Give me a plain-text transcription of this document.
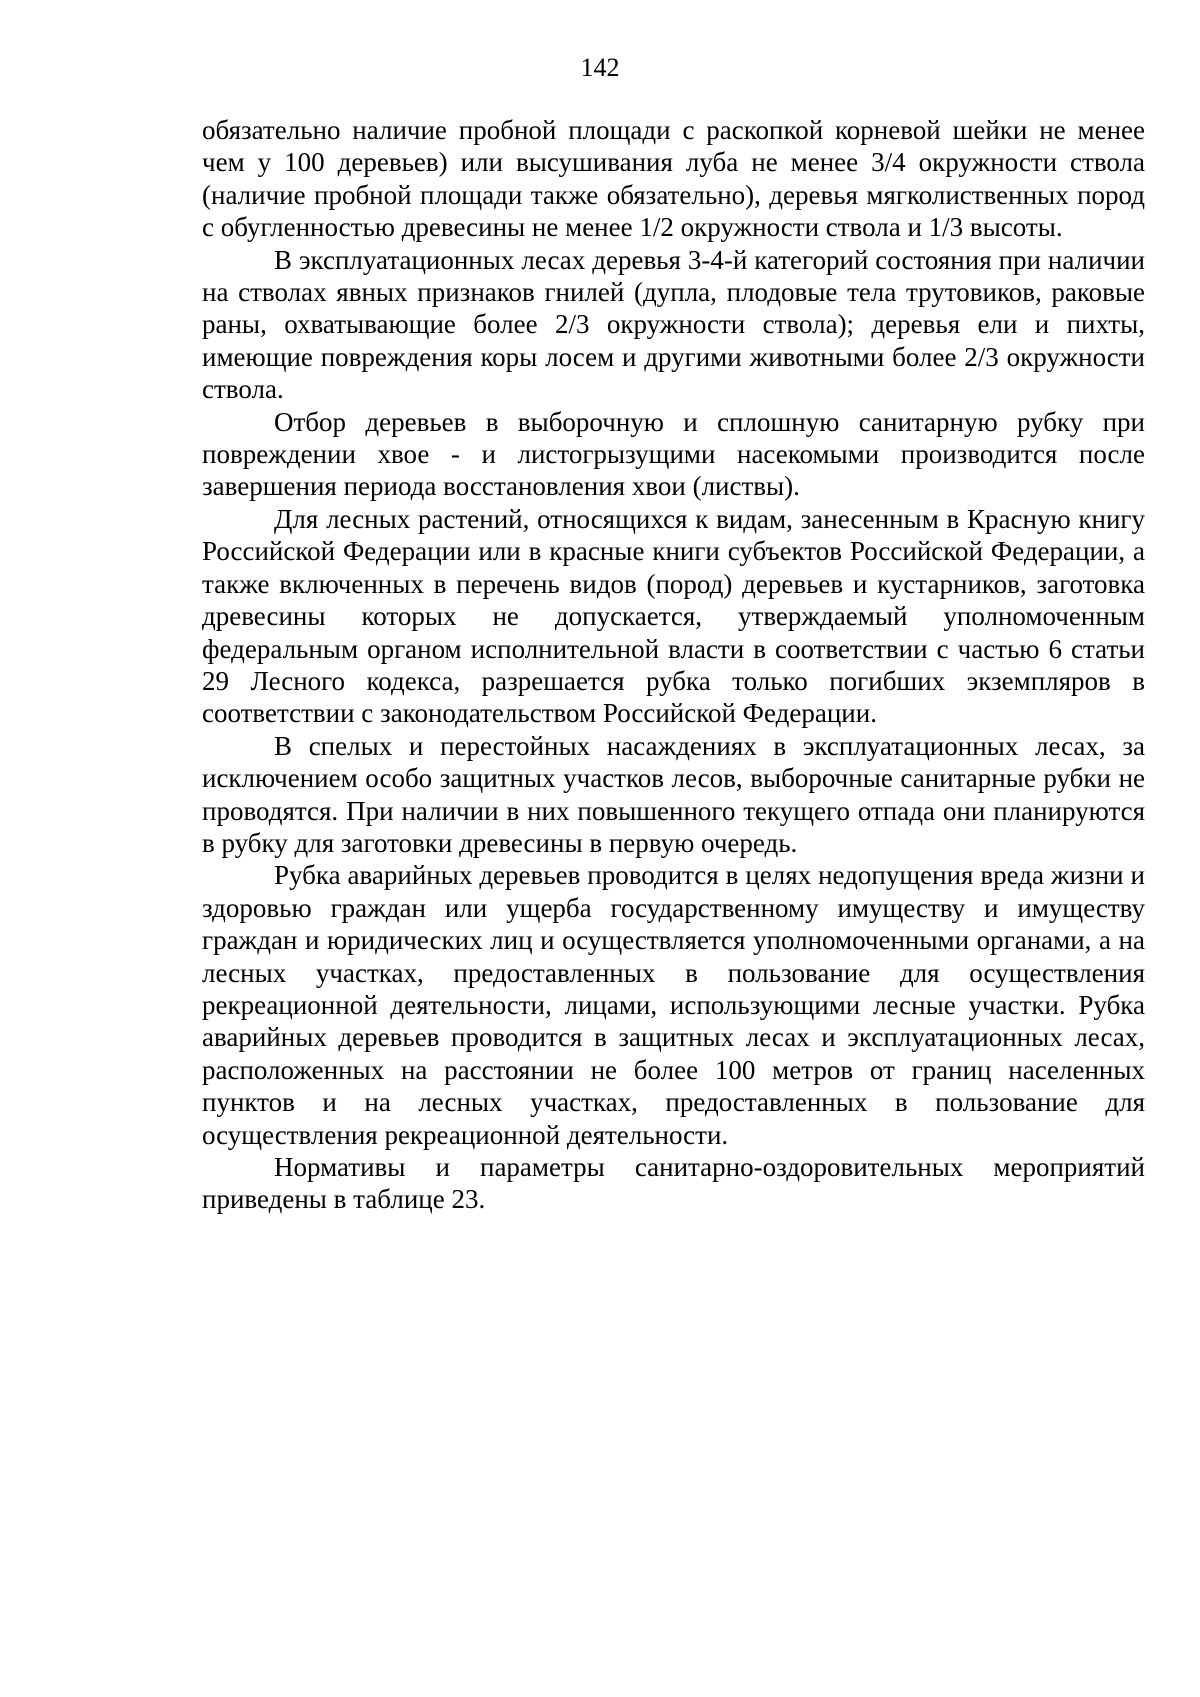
142

обязательно наличие пробной площади с раскопкой корневой шейки не менее чем у 100 деревьев) или высушивания луба не менее 3/4 окружности ствола (наличие пробной площади также обязательно), деревья мягколиственных пород с обугленностью древесины не менее 1/2 окружности ствола и 1/3 высоты.

В эксплуатационных лесах деревья 3-4-й категорий состояния при наличии на стволах явных признаков гнилей (дупла, плодовые тела трутовиков, раковые раны, охватывающие более 2/3 окружности ствола); деревья ели и пихты, имеющие повреждения коры лосем и другими животными более 2/3 окружности ствола.

Отбор деревьев в выборочную и сплошную санитарную рубку при повреждении хвое - и листогрызущими насекомыми производится после завершения периода восстановления хвои (листвы).

Для лесных растений, относящихся к видам, занесенным в Красную книгу Российской Федерации или в красные книги субъектов Российской Федерации, а также включенных в перечень видов (пород) деревьев и кустарников, заготовка древесины которых не допускается, утверждаемый уполномоченным федеральным органом исполнительной власти в соответствии с частью 6 статьи 29 Лесного кодекса, разрешается рубка только погибших экземпляров в соответствии с законодательством Российской Федерации.

В спелых и перестойных насаждениях в эксплуатационных лесах, за исключением особо защитных участков лесов, выборочные санитарные рубки не проводятся. При наличии в них повышенного текущего отпада они планируются в рубку для заготовки древесины в первую очередь.

Рубка аварийных деревьев проводится в целях недопущения вреда жизни и здоровью граждан или ущерба государственному имуществу и имуществу граждан и юридических лиц и осуществляется уполномоченными органами, а на лесных участках, предоставленных в пользование для осуществления рекреационной деятельности, лицами, использующими лесные участки. Рубка аварийных деревьев проводится в защитных лесах и эксплуатационных лесах, расположенных на расстоянии не более 100 метров от границ населенных пунктов и на лесных участках, предоставленных в пользование для осуществления рекреационной деятельности.

Нормативы и параметры санитарно-оздоровительных мероприятий приведены в таблице 23.
